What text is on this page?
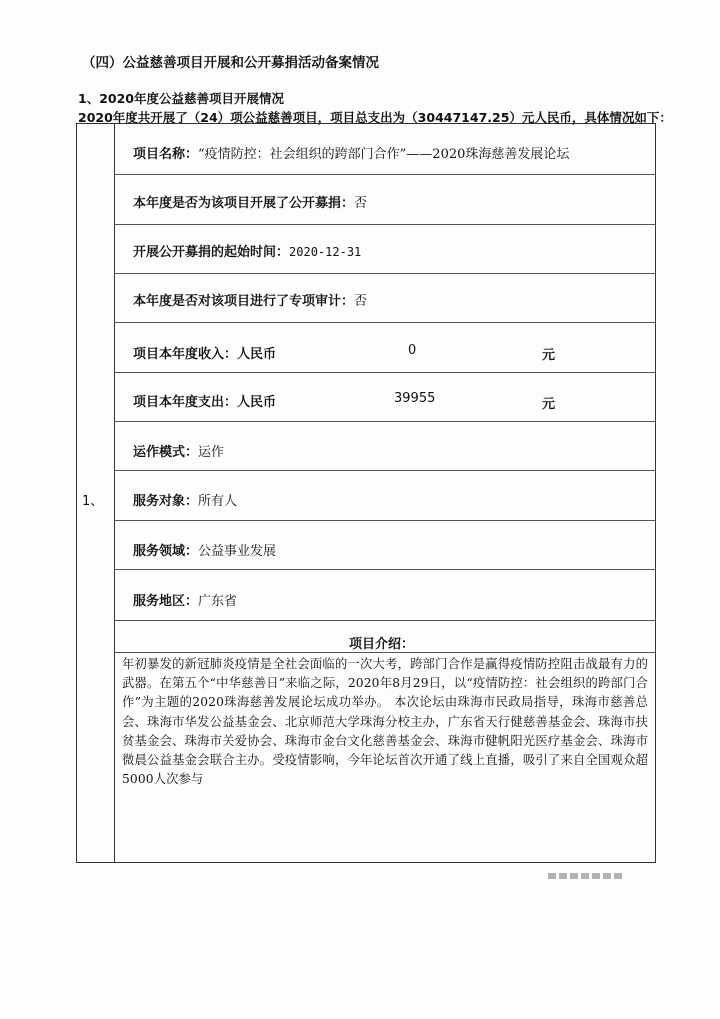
（四）公益慈善项目开展和公开募捐活动备案情况
1、2020年度公益慈善项目开展情况
2020年度共开展了（24）项公益慈善项目，项目总支出为（30447147.25）元人民币，具体情况如下：
1、
项目名称：“疫情防控：社会组织的跨部门合作”——2020珠海慈善发展论坛
本年度是否为该项目开展了公开募捐：否
开展公开募捐的起始时间：2020-12-31
本年度是否对该项目进行了专项审计：否
项目本年度收入：人民币	0	元
项目本年度支出：人民币	39955	元
运作模式：运作
服务对象：所有人
服务领域：公益事业发展
服务地区：广东省
项目介绍：
年初暴发的新冠肺炎疫情是全社会面临的一次大考，跨部门合作是赢得疫情防控阻击战最有力的武器。在第五个“中华慈善日”来临之际，2020年8月29日，以“疫情防控：社会组织的跨部门合作”为主题的2020珠海慈善发展论坛成功举办。 本次论坛由珠海市民政局指导，珠海市慈善总会、珠海市华发公益基金会、北京师范大学珠海分校主办，广东省天行健慈善基金会、珠海市扶贫基金会、珠海市关爱协会、珠海市金台文化慈善基金会、珠海市健帆阳光医疗基金会、珠海市微晨公益基金会联合主办。受疫情影响，今年论坛首次开通了线上直播，吸引了来自全国观众超5000人次参与
